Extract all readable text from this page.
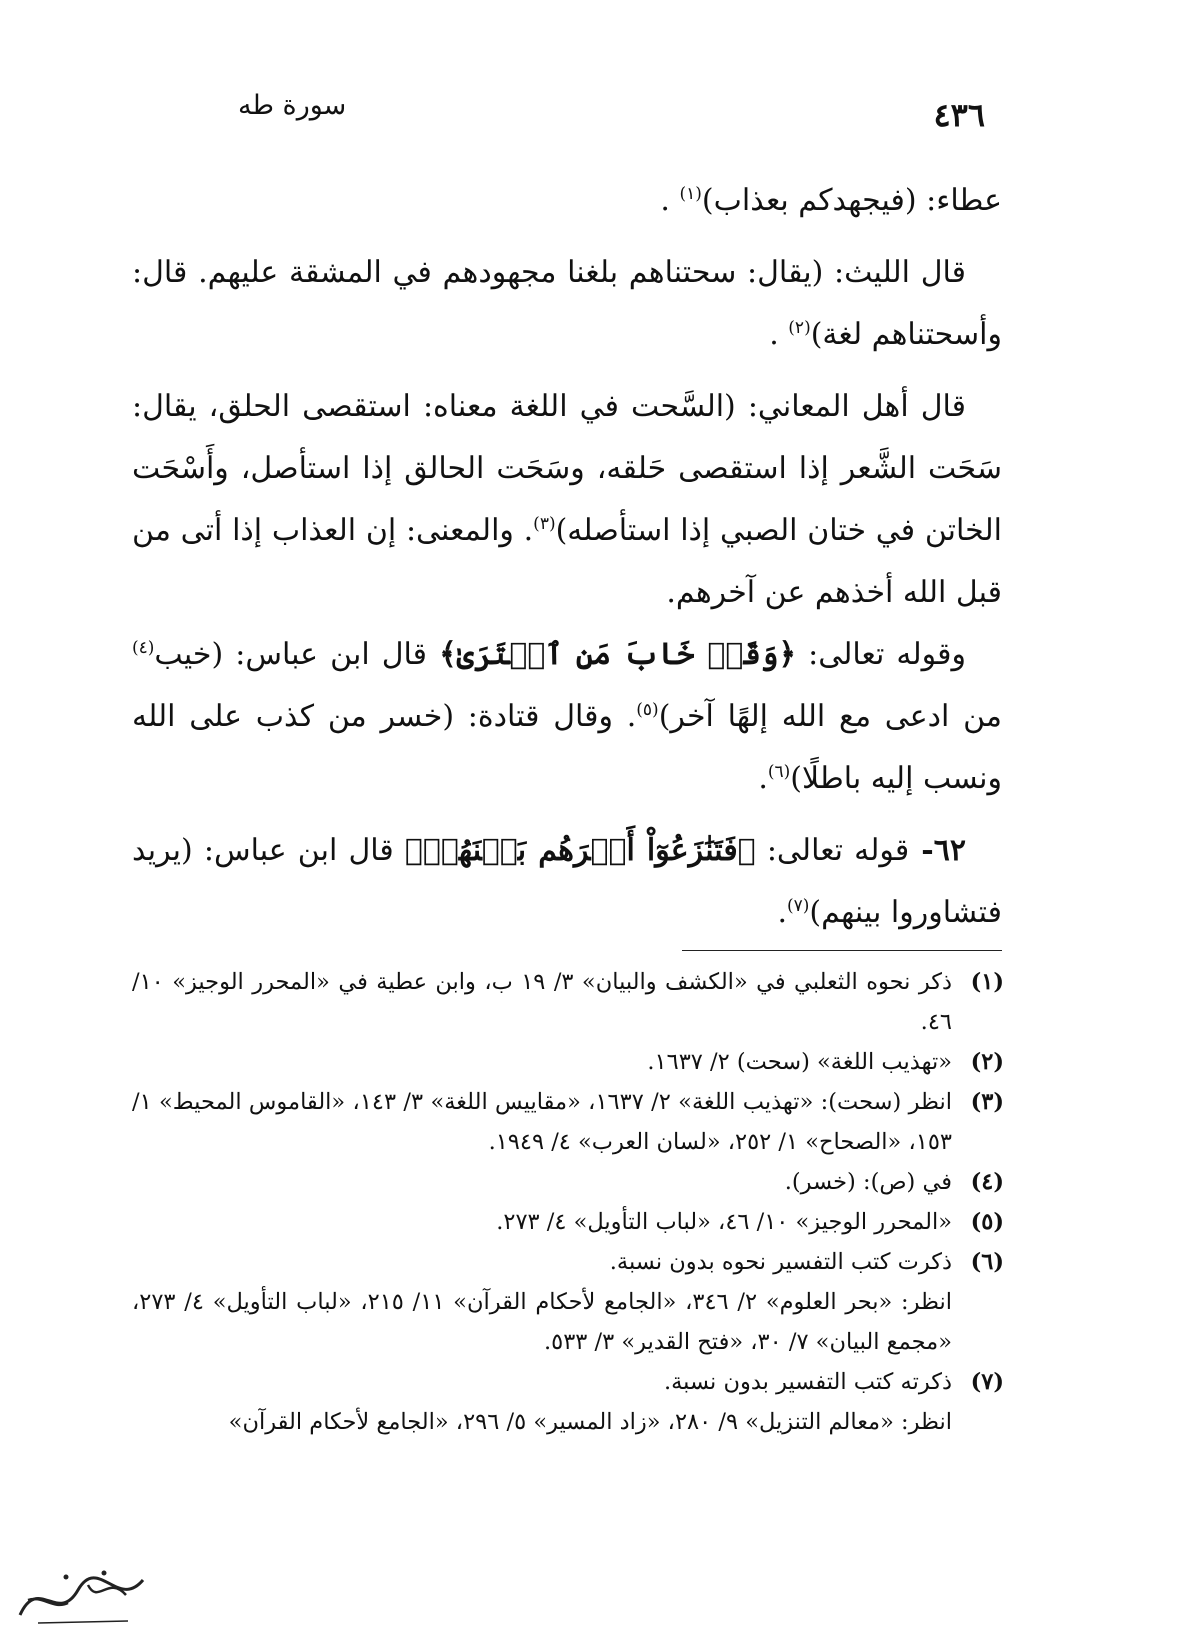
سورة طه	٤٣٦

عطاء: (فيجهدكم بعذاب)$^{(١)}$ .

قال الليث: (يقال: سحتناهم بلغنا مجهودهم في المشقة عليهم. قال: وأسحتناهم لغة)$^{(٢)}$ .

قال أهل المعاني: (السَّحت في اللغة معناه: استقصى الحلق، يقال: سَحَت الشَّعر إذا استقصى حَلقه، وسَحَت الحالق إذا استأصل، وأَسْحَت الخاتن في ختان الصبي إذا استأصله)$^{(٣)}$. والمعنى: إن العذاب إذا أتى من قبل الله أخذهم عن آخرهم.

وقوله تعالى: ﴿وَقَدۡ خَابَ مَنِ ٱفۡتَرَىٰ﴾ قال ابن عباس: (خيب$^{(٤)}$ من ادعى مع الله إلهًا آخر)$^{(٥)}$. وقال قتادة: (خسر من كذب على الله ونسب إليه باطلًا)$^{(٦)}$.

٦٢- قوله تعالى: ﴿فَتَنَٰزَعُوٓاْ أَمۡرَهُم بَيۡنَهُمۡ﴾ قال ابن عباس: (يريد فتشاوروا بينهم)$^{(٧)}$.

(١)

ذكر نحوه الثعلبي في «الكشف والبيان» ٣/ ١٩ ب، وابن عطية في «المحرر الوجيز» ١٠/ ٤٦.

(٢)

«تهذيب اللغة» (سحت) ٢/ ١٦٣٧.

(٣)

انظر (سحت): «تهذيب اللغة» ٢/ ١٦٣٧، «مقاييس اللغة» ٣/ ١٤٣، «القاموس المحيط» ١/ ١٥٣، «الصحاح» ١/ ٢٥٢، «لسان العرب» ٤/ ١٩٤٩.

(٤)

في (ص): (خسر).

(٥)

«المحرر الوجيز» ١٠/ ٤٦، «لباب التأويل» ٤/ ٢٧٣.

(٦)

ذكرت كتب التفسير نحوه بدون نسبة.

انظر: «بحر العلوم» ٢/ ٣٤٦، «الجامع لأحكام القرآن» ١١/ ٢١٥، «لباب التأويل» ٤/ ٢٧٣، «مجمع البيان» ٧/ ٣٠، «فتح القدير» ٣/ ٥٣٣.

(٧)

ذكرته كتب التفسير بدون نسبة.

انظر: «معالم التنزيل» ٩/ ٢٨٠، «زاد المسير» ٥/ ٢٩٦، «الجامع لأحكام القرآن»
